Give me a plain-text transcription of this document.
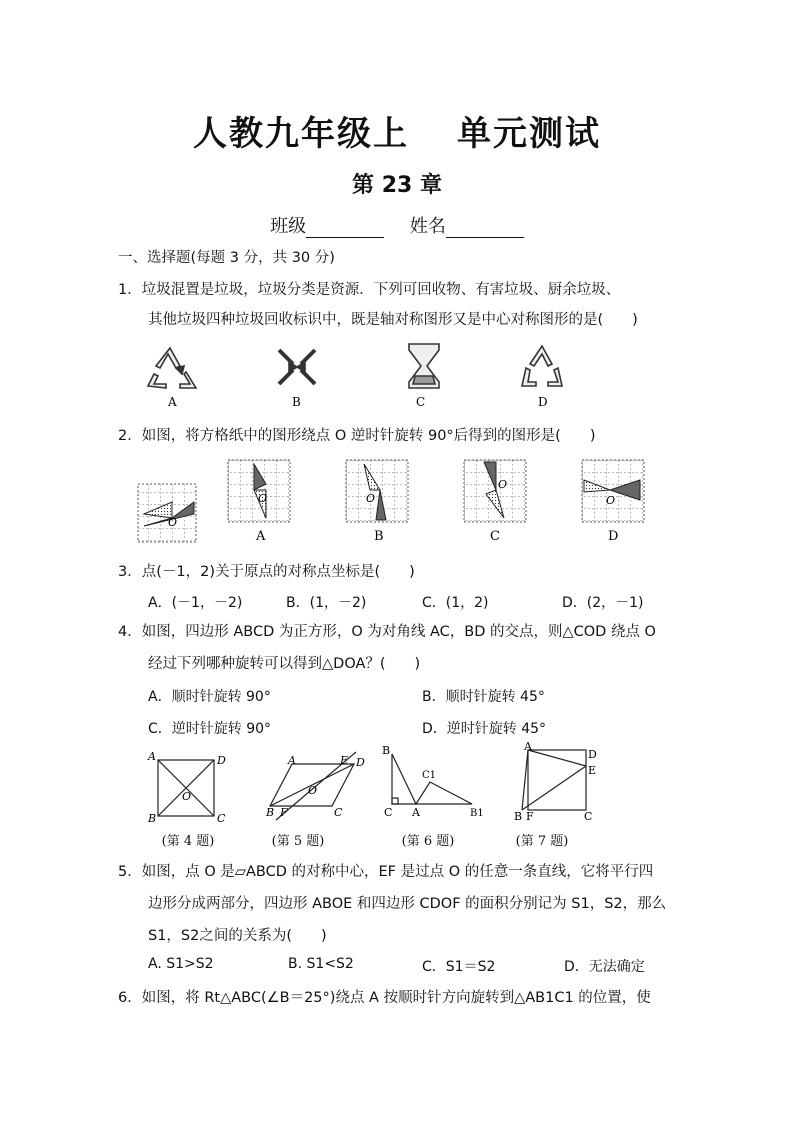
人教九年级上 单元测试
第 23 章
班级	姓名
一、选择题(每题 3 分，共 30 分)
1．垃圾混置是垃圾，垃圾分类是资源．下列可回收物、有害垃圾、厨余垃圾、
其他垃圾四种垃圾回收标识中，既是轴对称图形又是中心对称图形的是(　　)
A	B	C	D
2．如图，将方格纸中的图形绕点 O 逆时针旋转 90°后得到的图形是(　　)
O
O	O
O
O
A	B	C	D
3．点(－1，2)关于原点的对称点坐标是(　　)
A．(－1，－2)	B．(1，－2)	C．(1，2)	D．(2，－1)
4．如图，四边形 ABCD 为正方形，O 为对角线 AC，BD 的交点，则△COD 绕点 O
经过下列哪种旋转可以得到△DOA？(　　)
A．顺时针旋转 90°	B．顺时针旋转 45°
C．逆时针旋转 90°	D．逆时针旋转 45°
A	D
B	C
O
A	E D
B F	C
O
B
C A
C1
B1
A
D
E
B F	C
(第 4 题)	(第 5 题)	(第 6 题)	(第 7 题)
5．如图，点 O 是▱ABCD 的对称中心，EF 是过点 O 的任意一条直线，它将平行四
边形分成两部分，四边形 ABOE 和四边形 CDOF 的面积分别记为 S1，S2，那么
S1，S2之间的关系为(　　)
A. S1>S2	B. S1<S2	C．S1＝S2	D．无法确定
6．如图，将 Rt△ABC(∠B＝25°)绕点 A 按顺时针方向旋转到△AB1C1 的位置，使
